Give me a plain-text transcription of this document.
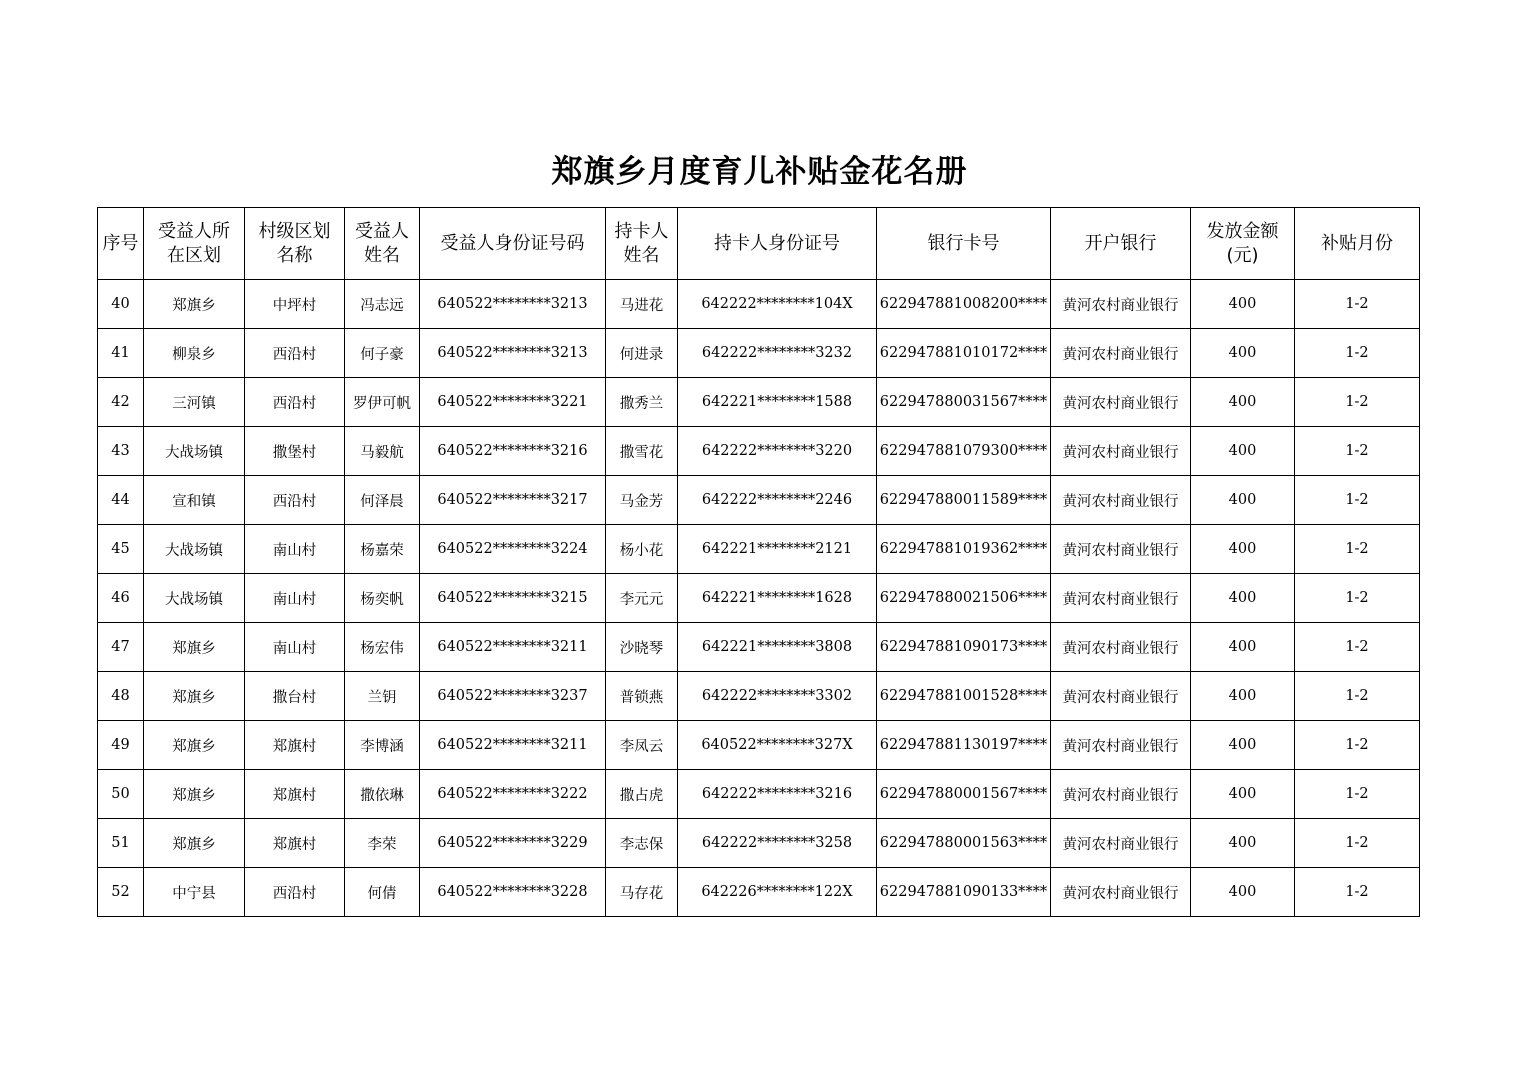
郑旗乡月度育儿补贴金花名册
序号	受益人所在区划	村级区划名称	受益人姓名	受益人身份证号码	持卡人姓名	持卡人身份证号	银行卡号	开户银行	发放金额(元)	补贴月份
40	郑旗乡	中坪村	冯志远	640522********3213	马进花	642222********104X	622947881008200****	黄河农村商业银行	400	1-2
41	柳泉乡	西沿村	何子豪	640522********3213	何进录	642222********3232	622947881010172****	黄河农村商业银行	400	1-2
42	三河镇	西沿村	罗伊可帆	640522********3221	撒秀兰	642221********1588	622947880031567****	黄河农村商业银行	400	1-2
43	大战场镇	撒堡村	马毅航	640522********3216	撒雪花	642222********3220	622947881079300****	黄河农村商业银行	400	1-2
44	宣和镇	西沿村	何泽晨	640522********3217	马金芳	642222********2246	622947880011589****	黄河农村商业银行	400	1-2
45	大战场镇	南山村	杨嘉荣	640522********3224	杨小花	642221********2121	622947881019362****	黄河农村商业银行	400	1-2
46	大战场镇	南山村	杨奕帆	640522********3215	李元元	642221********1628	622947880021506****	黄河农村商业银行	400	1-2
47	郑旗乡	南山村	杨宏伟	640522********3211	沙晓琴	642221********3808	622947881090173****	黄河农村商业银行	400	1-2
48	郑旗乡	撒台村	兰钥	640522********3237	普锁燕	642222********3302	622947881001528****	黄河农村商业银行	400	1-2
49	郑旗乡	郑旗村	李博涵	640522********3211	李凤云	640522********327X	622947881130197****	黄河农村商业银行	400	1-2
50	郑旗乡	郑旗村	撒依琳	640522********3222	撒占虎	642222********3216	622947880001567****	黄河农村商业银行	400	1-2
51	郑旗乡	郑旗村	李荣	640522********3229	李志保	642222********3258	622947880001563****	黄河农村商业银行	400	1-2
52	中宁县	西沿村	何倩	640522********3228	马存花	642226********122X	622947881090133****	黄河农村商业银行	400	1-2
